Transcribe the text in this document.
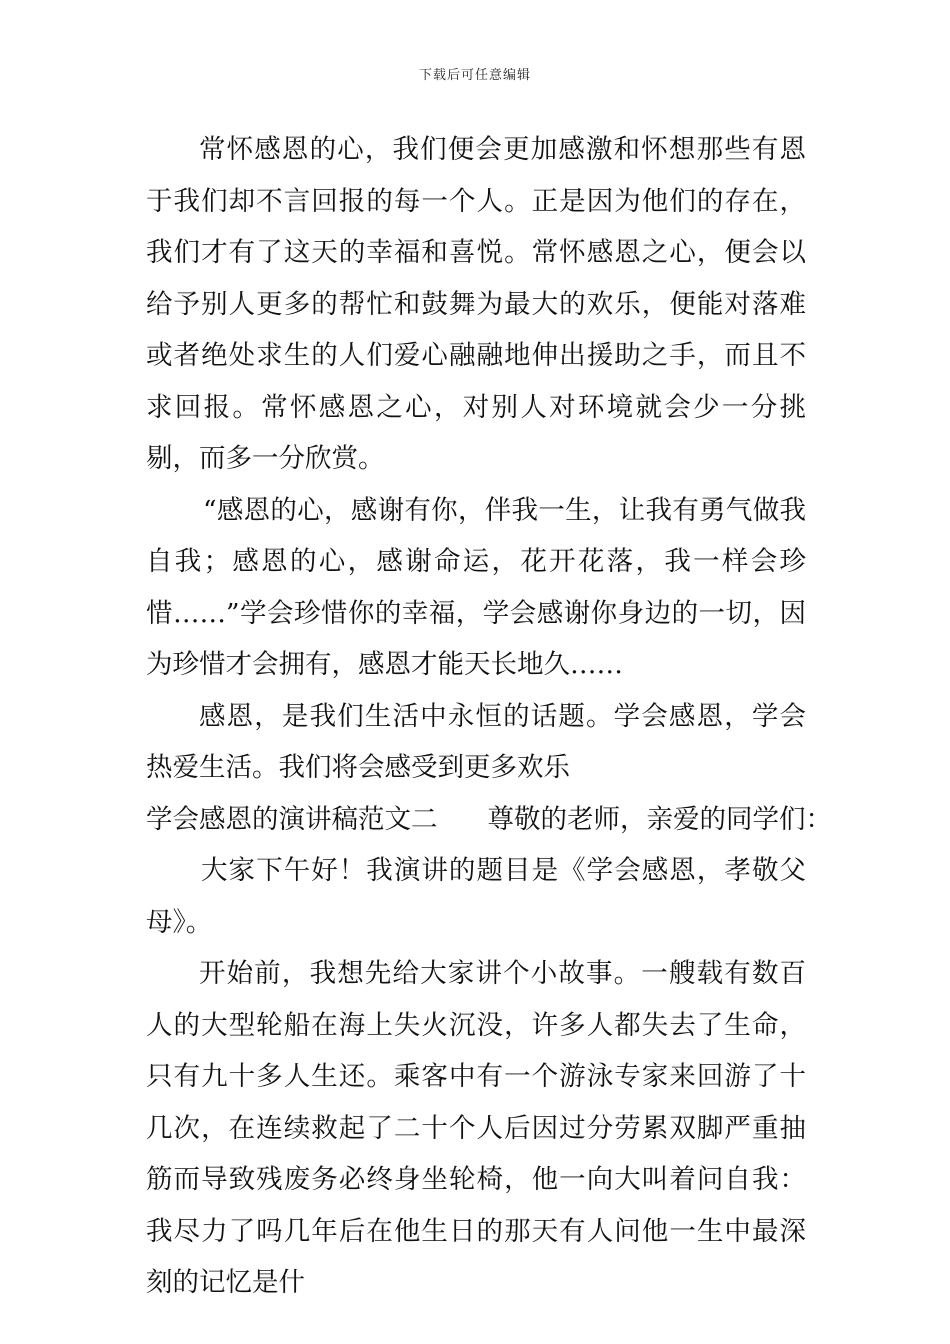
下载后可任意编辑

常怀感恩的心，我们便会更加感激和怀想那些有恩于我们却不言回报的每一个人。正是因为他们的存在，我们才有了这天的幸福和喜悦。常怀感恩之心，便会以给予别人更多的帮忙和鼓舞为最大的欢乐，便能对落难或者绝处求生的人们爱心融融地伸出援助之手，而且不求回报。常怀感恩之心，对别人对环境就会少一分挑剔，而多一分欣赏。

“感恩的心，感谢有你，伴我一生，让我有勇气做我自我；感恩的心，感谢命运，花开花落，我一样会珍惜……”学会珍惜你的幸福，学会感谢你身边的一切，因为珍惜才会拥有，感恩才能天长地久……

感恩，是我们生活中永恒的话题。学会感恩，学会热爱生活。我们将会感受到更多欢乐

学会感恩的演讲稿范文二 尊敬的老师，亲爱的同学们：

大家下午好！我演讲的题目是《学会感恩，孝敬父母》。

开始前，我想先给大家讲个小故事。一艘载有数百人的大型轮船在海上失火沉没，许多人都失去了生命，只有九十多人生还。乘客中有一个游泳专家来回游了十几次，在连续救起了二十个人后因过分劳累双脚严重抽筋而导致残废务必终身坐轮椅，他一向大叫着问自我：我尽力了吗几年后在他生日的那天有人问他一生中最深刻的记忆是什
